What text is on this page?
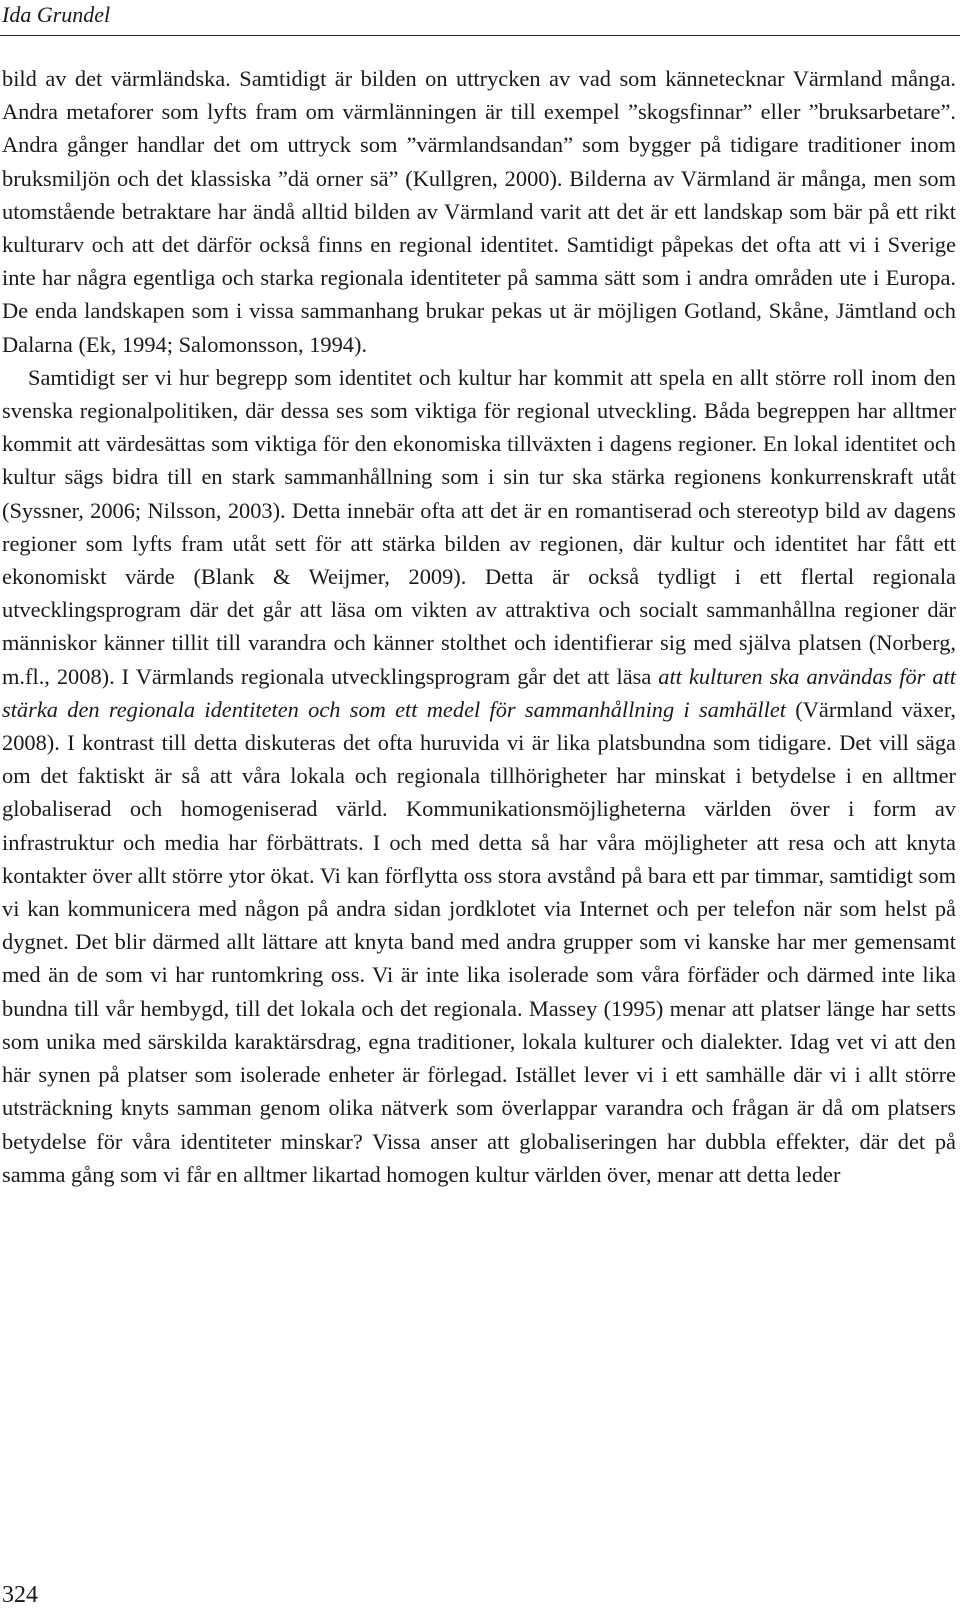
Ida Grundel

bild av det värmländska. Samtidigt är bilden on uttrycken av vad som kännetecknar Värmland många. Andra metaforer som lyfts fram om värmlänningen är till exempel ”skogsfinnar” eller ”bruksarbetare”. Andra gånger handlar det om uttryck som ”värmlandsandan” som bygger på tidigare traditioner inom bruksmiljön och det klassiska ”dä orner sä” (Kullgren, 2000). Bilderna av Värmland är många, men som utomstående betraktare har ändå alltid bilden av Värmland varit att det är ett landskap som bär på ett rikt kulturarv och att det därför också finns en regional identitet. Samtidigt påpekas det ofta att vi i Sverige inte har några egentliga och starka regionala identiteter på samma sätt som i andra områden ute i Europa. De enda landskapen som i vissa sammanhang brukar pekas ut är möjligen Gotland, Skåne, Jämtland och Dalarna (Ek, 1994; Salomonsson, 1994).

Samtidigt ser vi hur begrepp som identitet och kultur har kommit att spela en allt större roll inom den svenska regionalpolitiken, där dessa ses som viktiga för regional utveckling. Båda begreppen har alltmer kommit att värdesättas som viktiga för den ekonomiska tillväxten i dagens regioner. En lokal identitet och kultur sägs bidra till en stark sammanhållning som i sin tur ska stärka regionens konkurrenskraft utåt (Syssner, 2006; Nilsson, 2003). Detta innebär ofta att det är en romantiserad och stereotyp bild av dagens regioner som lyfts fram utåt sett för att stärka bilden av regionen, där kultur och identitet har fått ett ekonomiskt värde (Blank & Weijmer, 2009). Detta är också tydligt i ett flertal regionala utvecklingsprogram där det går att läsa om vikten av attraktiva och socialt sammanhållna regioner där människor känner tillit till varandra och känner stolthet och identifierar sig med själva platsen (Norberg, m.fl., 2008). I Värmlands regionala utvecklingsprogram går det att läsa att kulturen ska användas för att stärka den regionala identiteten och som ett medel för sammanhållning i samhället (Värmland växer, 2008). I kontrast till detta diskuteras det ofta huruvida vi är lika platsbundna som tidigare. Det vill säga om det faktiskt är så att våra lokala och regionala tillhörigheter har minskat i betydelse i en alltmer globaliserad och homogeniserad värld. Kommunikationsmöjligheterna världen över i form av infrastruktur och media har förbättrats. I och med detta så har våra möjligheter att resa och att knyta kontakter över allt större ytor ökat. Vi kan förflytta oss stora avstånd på bara ett par timmar, samtidigt som vi kan kommunicera med någon på andra sidan jordklotet via Internet och per telefon när som helst på dygnet. Det blir därmed allt lättare att knyta band med andra grupper som vi kanske har mer gemensamt med än de som vi har runtomkring oss. Vi är inte lika isolerade som våra förfäder och därmed inte lika bundna till vår hembygd, till det lokala och det regionala. Massey (1995) menar att platser länge har setts som unika med särskilda karaktärsdrag, egna traditioner, lokala kulturer och dialekter. Idag vet vi att den här synen på platser som isolerade enheter är förlegad. Istället lever vi i ett samhälle där vi i allt större utsträckning knyts samman genom olika nätverk som överlappar varandra och frågan är då om platsers betydelse för våra identiteter minskar? Vissa anser att globaliseringen har dubbla effekter, där det på samma gång som vi får en alltmer likartad homogen kultur världen över, menar att detta leder

324
